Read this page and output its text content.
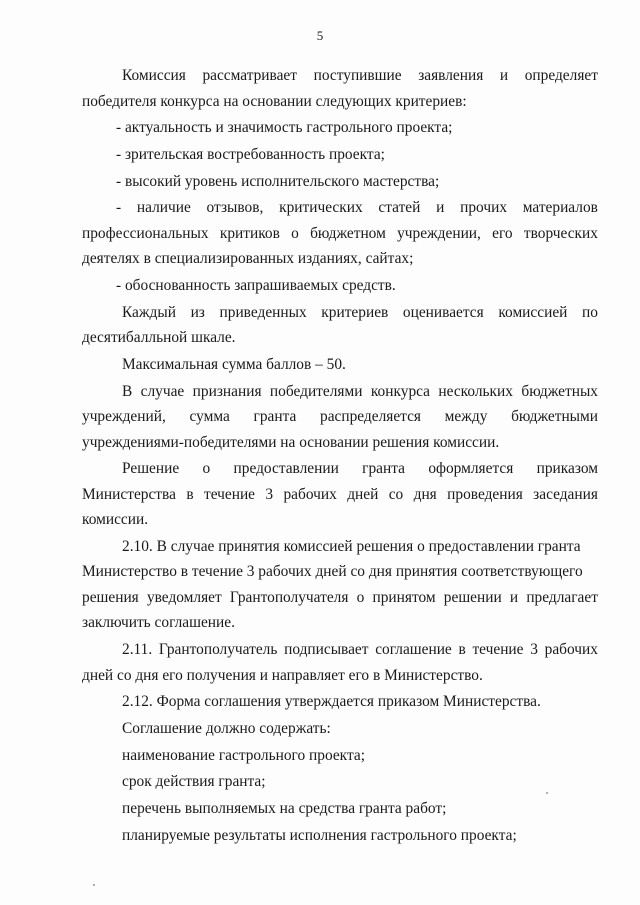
5
Комиссия рассматривает поступившие заявления и определяет
победителя конкурса на основании следующих критериев:
- актуальность и значимость гастрольного проекта;
- зрительская востребованность проекта;
- высокий уровень исполнительского мастерства;
- наличие отзывов, критических статей и прочих материалов
профессиональных критиков о бюджетном учреждении, его творческих
деятелях в специализированных изданиях, сайтах;
- обоснованность запрашиваемых средств.
Каждый из приведенных критериев оценивается комиссией по
десятибалльной шкале.
Максимальная сумма баллов – 50.
В случае признания победителями конкурса нескольких бюджетных
учреждений, сумма гранта распределяется между бюджетными
учреждениями-победителями на основании решения комиссии.
Решение о предоставлении гранта оформляется приказом
Министерства в течение 3 рабочих дней со дня проведения заседания
комиссии.
2.10. В случае принятия комиссией решения о предоставлении гранта
Министерство в течение 3 рабочих дней со дня принятия соответствующего
решения уведомляет Грантополучателя о принятом решении и предлагает
заключить соглашение.
2.11. Грантополучатель подписывает соглашение в течение 3 рабочих
дней со дня его получения и направляет его в Министерство.
2.12. Форма соглашения утверждается приказом Министерства.
Соглашение должно содержать:
наименование гастрольного проекта;
срок действия гранта;
перечень выполняемых на средства гранта работ;
планируемые результаты исполнения гастрольного проекта;
